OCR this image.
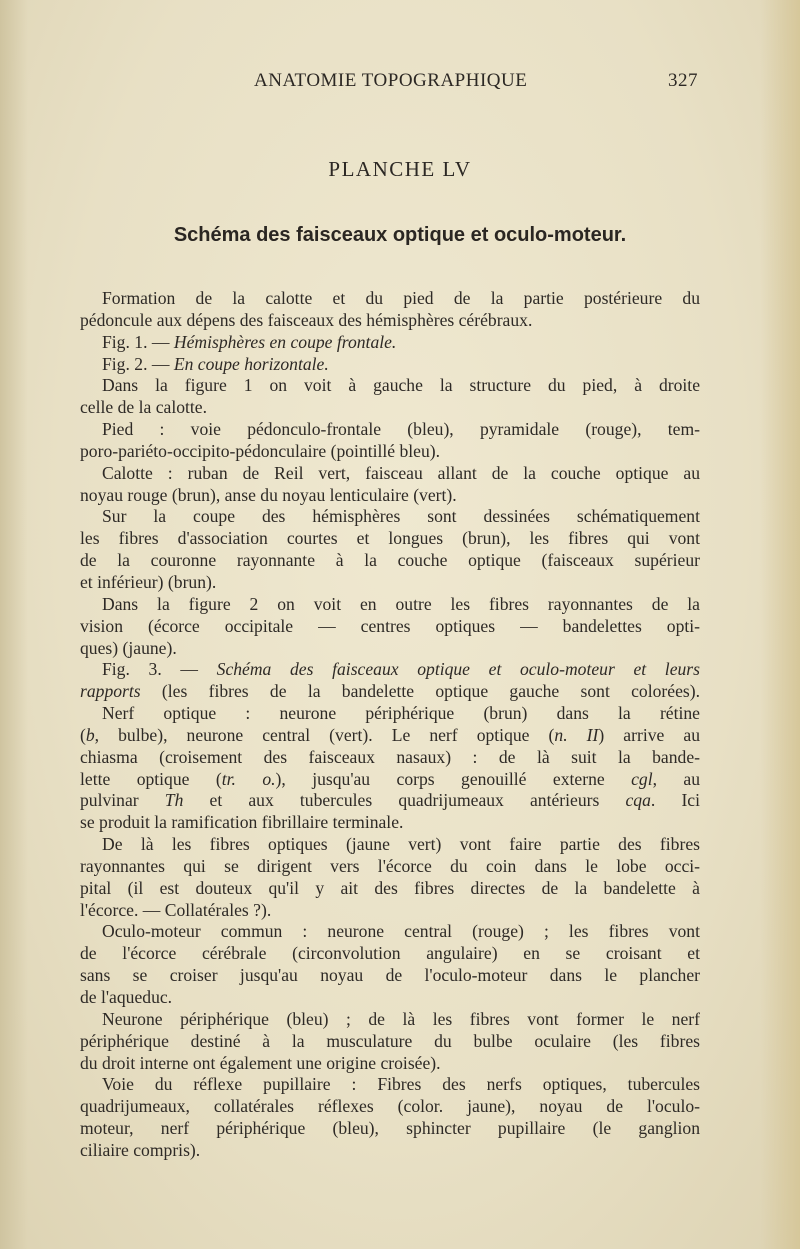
ANATOMIE TOPOGRAPHIQUE	327
PLANCHE LV
Schéma des faisceaux optique et oculo-moteur.
Formation de la calotte et du pied de la partie postérieure du
pédoncule aux dépens des faisceaux des hémisphères cérébraux.
Fig. 1. — Hémisphères en coupe frontale.
Fig. 2. — En coupe horizontale.
Dans la figure 1 on voit à gauche la structure du pied, à droite
celle de la calotte.
Pied : voie pédonculo-frontale (bleu), pyramidale (rouge), tem-
poro-pariéto-occipito-pédonculaire (pointillé bleu).
Calotte : ruban de Reil vert, faisceau allant de la couche optique au
noyau rouge (brun), anse du noyau lenticulaire (vert).
Sur la coupe des hémisphères sont dessinées schématiquement
les fibres d'association courtes et longues (brun), les fibres qui vont
de la couronne rayonnante à la couche optique (faisceaux supérieur
et inférieur) (brun).
Dans la figure 2 on voit en outre les fibres rayonnantes de la
vision (écorce occipitale — centres optiques — bandelettes opti-
ques) (jaune).
Fig. 3. — Schéma des faisceaux optique et oculo-moteur et leurs
rapports (les fibres de la bandelette optique gauche sont colorées).
Nerf optique : neurone périphérique (brun) dans la rétine
(b, bulbe), neurone central (vert). Le nerf optique (n. II) arrive au
chiasma (croisement des faisceaux nasaux) : de là suit la bande-
lette optique (tr. o.), jusqu'au corps genouillé externe cgl, au
pulvinar Th et aux tubercules quadrijumeaux antérieurs cqa. Ici
se produit la ramification fibrillaire terminale.
De là les fibres optiques (jaune vert) vont faire partie des fibres
rayonnantes qui se dirigent vers l'écorce du coin dans le lobe occi-
pital (il est douteux qu'il y ait des fibres directes de la bandelette à
l'écorce. — Collatérales ?).
Oculo-moteur commun : neurone central (rouge) ; les fibres vont
de l'écorce cérébrale (circonvolution angulaire) en se croisant et
sans se croiser jusqu'au noyau de l'oculo-moteur dans le plancher
de l'aqueduc.
Neurone périphérique (bleu) ; de là les fibres vont former le nerf
périphérique destiné à la musculature du bulbe oculaire (les fibres
du droit interne ont également une origine croisée).
Voie du réflexe pupillaire : Fibres des nerfs optiques, tubercules
quadrijumeaux, collatérales réflexes (color. jaune), noyau de l'oculo-
moteur, nerf périphérique (bleu), sphincter pupillaire (le ganglion
ciliaire compris).
